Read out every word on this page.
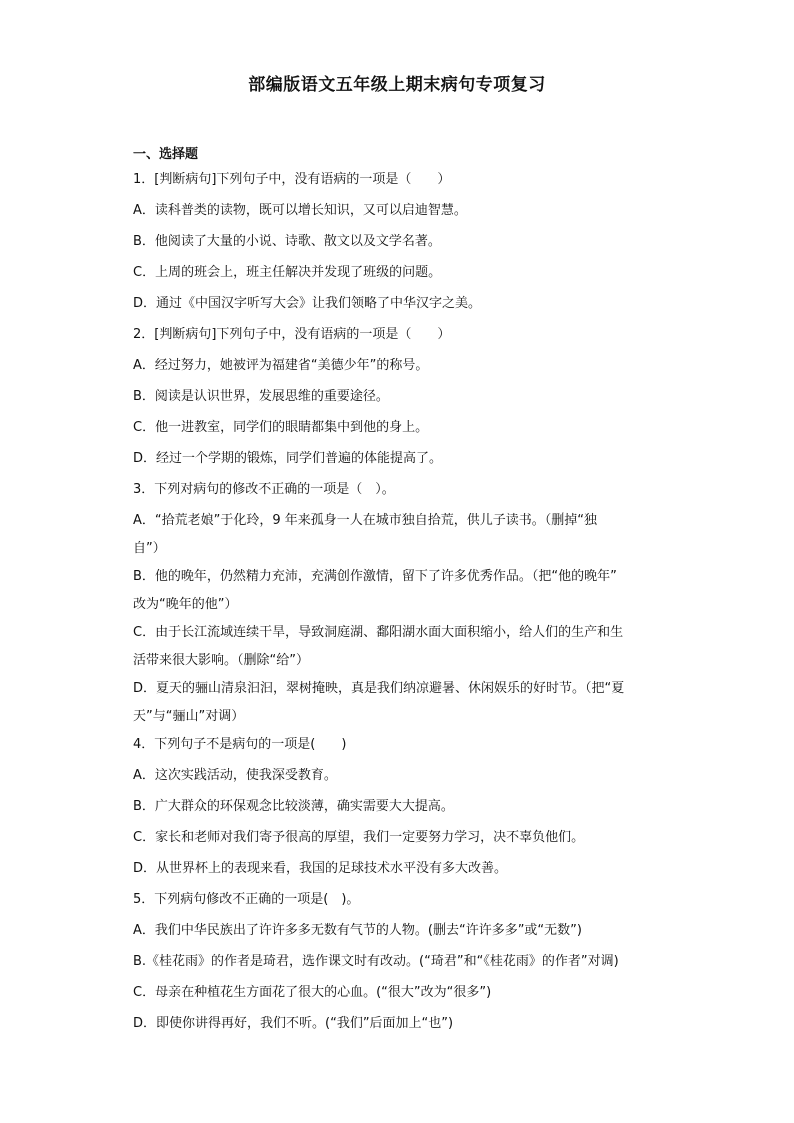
部编版语文五年级上期末病句专项复习
一、选择题
1．[判断病句]下列句子中，没有语病的一项是（　　）
A．读科普类的读物，既可以增长知识，又可以启迪智慧。
B．他阅读了大量的小说、诗歌、散文以及文学名著。
C．上周的班会上，班主任解决并发现了班级的问题。
D．通过《中国汉字听写大会》让我们领略了中华汉字之美。
2．[判断病句]下列句子中，没有语病的一项是（　　）
A．经过努力，她被评为福建省“美德少年”的称号。
B．阅读是认识世界，发展思维的重要途径。
C．他一进教室，同学们的眼睛都集中到他的身上。
D．经过一个学期的锻炼，同学们普遍的体能提高了。
3．下列对病句的修改不正确的一项是（　）。
A．“拾荒老娘”于化玲，9 年来孤身一人在城市独自拾荒，供儿子读书。（删掉“独
自”）
B．他的晚年，仍然精力充沛，充满创作激情，留下了许多优秀作品。（把“他的晚年”
改为“晚年的他”）
C．由于长江流域连续干旱，导致洞庭湖、鄱阳湖水面大面积缩小，给人们的生产和生
活带来很大影响。（删除“给”）
D．夏天的骊山清泉汩汩，翠树掩映，真是我们纳凉避暑、休闲娱乐的好时节。（把“夏
天”与“骊山”对调）
4．下列句子不是病句的一项是(　　)
A．这次实践活动，使我深受教育。
B．广大群众的环保观念比较淡薄，确实需要大大提高。
C．家长和老师对我们寄予很高的厚望，我们一定要努力学习，决不辜负他们。
D．从世界杯上的表现来看，我国的足球技术水平没有多大改善。
5．下列病句修改不正确的一项是(　)。
A．我们中华民族出了许许多多无数有气节的人物。(删去“许许多多”或“无数”)
B.《桂花雨》的作者是琦君，选作课文时有改动。(“琦君”和“《桂花雨》的作者”对调)
C．母亲在种植花生方面花了很大的心血。(“很大”改为“很多”)
D．即使你讲得再好，我们不听。(“我们”后面加上“也”)
